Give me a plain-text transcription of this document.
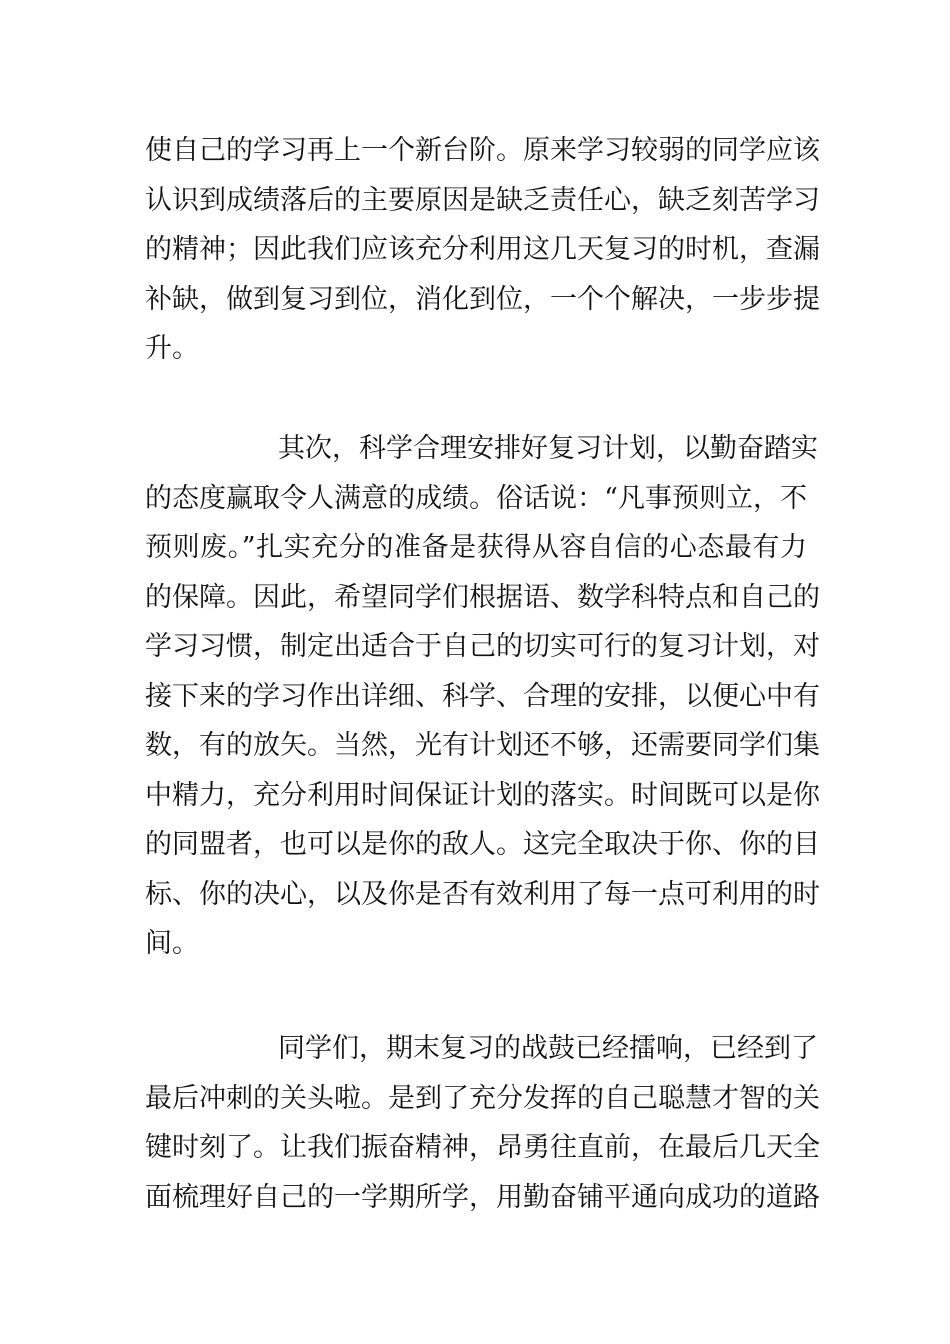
使自己的学习再上一个新台阶。原来学习较弱的同学应该
认识到成绩落后的主要原因是缺乏责任心，缺乏刻苦学习
的精神；因此我们应该充分利用这几天复习的时机，查漏
补缺，做到复习到位，消化到位，一个个解决，一步步提
升。
其次，科学合理安排好复习计划，以勤奋踏实
的态度赢取令人满意的成绩。俗话说：“凡事预则立，不
预则废。”扎实充分的准备是获得从容自信的心态最有力
的保障。因此，希望同学们根据语、数学科特点和自己的
学习习惯，制定出适合于自己的切实可行的复习计划，对
接下来的学习作出详细、科学、合理的安排，以便心中有
数，有的放矢。当然，光有计划还不够，还需要同学们集
中精力，充分利用时间保证计划的落实。时间既可以是你
的同盟者，也可以是你的敌人。这完全取决于你、你的目
标、你的决心，以及你是否有效利用了每一点可利用的时
间。
同学们，期末复习的战鼓已经擂响，已经到了
最后冲刺的关头啦。是到了充分发挥的自己聪慧才智的关
键时刻了。让我们振奋精神，昂勇往直前，在最后几天全
面梳理好自己的一学期所学，用勤奋铺平通向成功的道路
